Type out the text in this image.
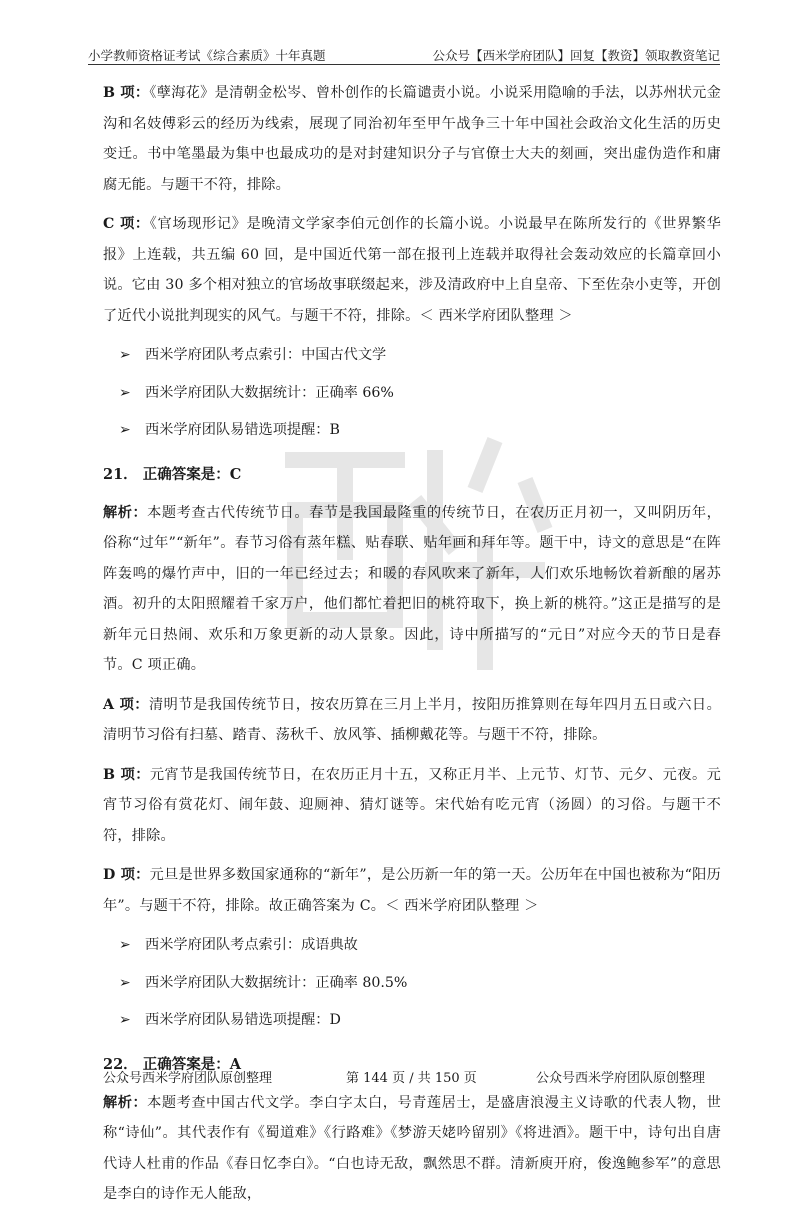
小学教师资格证考试《综合素质》十年真题	公众号【西米学府团队】回复【教资】领取教资笔记

B 项：《孽海花》是清朝金松岑、曾朴创作的长篇谴责小说。小说采用隐喻的手法，以苏州状元金沟和名妓傅彩云的经历为线索，展现了同治初年至甲午战争三十年中国社会政治文化生活的历史变迁。书中笔墨最为集中也最成功的是对封建知识分子与官僚士大夫的刻画，突出虚伪造作和庸腐无能。与题干不符，排除。

C 项：《官场现形记》是晚清文学家李伯元创作的长篇小说。小说最早在陈所发行的《世界繁华报》上连载，共五编 60 回，是中国近代第一部在报刊上连载并取得社会轰动效应的长篇章回小说。它由 30 多个相对独立的官场故事联缀起来，涉及清政府中上自皇帝、下至佐杂小吏等，开创了近代小说批判现实的风气。与题干不符，排除。＜ 西米学府团队整理 ＞

➢ 西米学府团队考点索引：中国古代文学
➢ 西米学府团队大数据统计：正确率 66%
➢ 西米学府团队易错选项提醒：B
21． 正确答案是：C

解析：本题考查古代传统节日。春节是我国最隆重的传统节日，在农历正月初一，又叫阴历年，俗称“过年”“新年”。春节习俗有蒸年糕、贴春联、贴年画和拜年等。题干中，诗文的意思是“在阵阵轰鸣的爆竹声中，旧的一年已经过去；和暖的春风吹来了新年，人们欢乐地畅饮着新酿的屠苏酒。初升的太阳照耀着千家万户，他们都忙着把旧的桃符取下，换上新的桃符。”这正是描写的是新年元日热闹、欢乐和万象更新的动人景象。因此，诗中所描写的“元日”对应今天的节日是春节。C 项正确。

A 项：清明节是我国传统节日，按农历算在三月上半月，按阳历推算则在每年四月五日或六日。清明节习俗有扫墓、踏青、荡秋千、放风筝、插柳戴花等。与题干不符，排除。

B 项：元宵节是我国传统节日，在农历正月十五，又称正月半、上元节、灯节、元夕、元夜。元宵节习俗有赏花灯、闹年鼓、迎厕神、猜灯谜等。宋代始有吃元宵（汤圆）的习俗。与题干不符，排除。

D 项：元旦是世界多数国家通称的“新年”，是公历新一年的第一天。公历年在中国也被称为“阳历年”。与题干不符，排除。故正确答案为 C。＜ 西米学府团队整理 ＞

➢ 西米学府团队考点索引：成语典故
➢ 西米学府团队大数据统计：正确率 80.5%
➢ 西米学府团队易错选项提醒：D
22． 正确答案是：A

解析：本题考查中国古代文学。李白字太白，号青莲居士，是盛唐浪漫主义诗歌的代表人物，世称“诗仙”。其代表作有《蜀道难》《行路难》《梦游天姥吟留别》《将进酒》。题干中，诗句出自唐代诗人杜甫的作品《春日忆李白》。“白也诗无敌，飘然思不群。清新庾开府，俊逸鲍参军”的意思是李白的诗作无人能敌，

公众号西米学府团队原创整理	第 144 页 / 共 150 页	公众号西米学府团队原创整理
